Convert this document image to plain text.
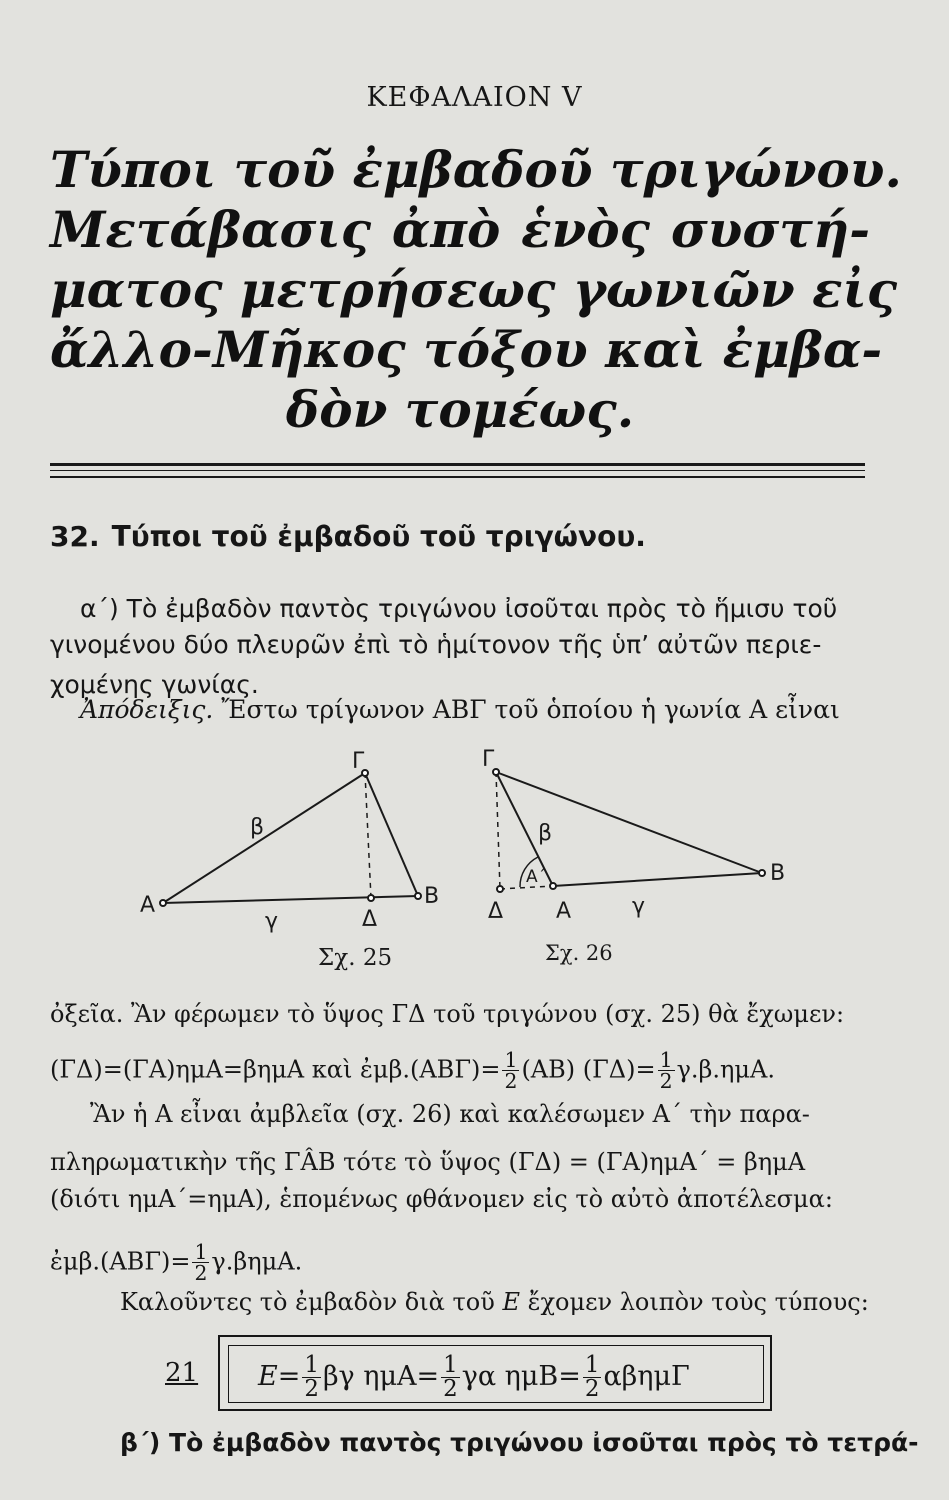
ΚΕΦΑΛΑΙΟΝ V
Τύποι τοῦ ἐμβαδοῦ τριγώνου.
Μετάβασις ἀπὸ ἑνὸς συστή-
ματος μετρήσεως γωνιῶν εἰς
ἄλλο-Μῆκος τόξου καὶ ἐμβα-
δὸν τομέως.
32. Τύποι τοῦ ἐμβαδοῦ τοῦ τριγώνου.
α΄) Τὸ ἐμβαδὸν παντὸς τριγώνου ἰσοῦται πρὸς τὸ ἥμισυ τοῦ
γινομένου δύο πλευρῶν ἐπὶ τὸ ἡμίτονον τῆς ὑπ’ αὐτῶν περιε-
χομένης γωνίας.
Ἀπόδειξις. Ἔστω τρίγωνον ΑΒΓ τοῦ ὁποίου ἡ γωνία Α εἶναι
Γ
β
Α
γ	Δ
Β
Σχ. 25
Γ
β
Α΄
Δ Α	γ
Β
Σχ. 26
ὀξεῖα. Ἂν φέρωμεν τὸ ὕψος ΓΔ τοῦ τριγώνου (σχ. 25) θὰ ἔχωμεν:
(ΓΔ)=(ΓΑ)ημΑ=βημΑ καὶ ἐμβ.(ΑΒΓ)= $\frac{1}{2} (AB)$ $(\Gamma\Delta)= \frac{1}{2} \gamma.\beta.\eta\mu A$.
Ἂν ἡ Α εἶναι ἀμβλεῖα (σχ. 26) καὶ καλέσωμεν Α΄ τὴν παρα-
πληρωματικὴν τῆς ΓÂΒ τότε τὸ ὕψος (ΓΔ) = (ΓΑ)ημΑ΄ = βημΑ
(διότι ημΑ΄=ημΑ), ἑπομένως φθάνομεν εἰς τὸ αὐτὸ ἀποτέλεσμα:
ἐμβ.(ΑΒΓ)= $\frac{1}{2} \gamma.\beta\eta\mu A$.
Καλοῦντες τὸ ἐμβαδὸν διὰ τοῦ Ε ἔχομεν λοιπὸν τοὺς τύπους:
21 $E= \frac{1}{2}$ βγ $\eta\mu A= \frac{1}{2}$ γα $\eta\mu B= \frac{1}{2}$ αβημΓ
β΄) Τὸ ἐμβαδὸν παντὸς τριγώνου ἰσοῦται πρὸς τὸ τετρά-
